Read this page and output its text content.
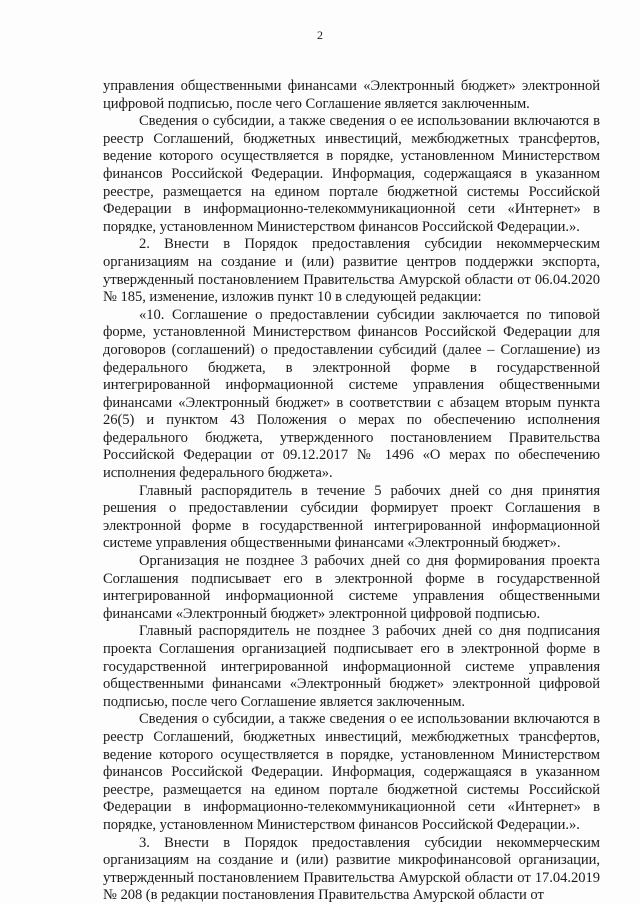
2

управления общественными финансами «Электронный бюджет» электронной цифровой подписью, после чего Соглашение является заключенным.

Сведения о субсидии, а также сведения о ее использовании включаются в реестр Соглашений, бюджетных инвестиций, межбюджетных трансфертов, ведение которого осуществляется в порядке, установленном Министерством финансов Российской Федерации. Информация, содержащаяся в указанном реестре, размещается на едином портале бюджетной системы Российской Федерации в информационно-телекоммуникационной сети «Интернет» в порядке, установленном Министерством финансов Российской Федерации.».

2. Внести в Порядок предоставления субсидии некоммерческим организациям на создание и (или) развитие центров поддержки экспорта, утвержденный постановлением Правительства Амурской области от 06.04.2020 № 185, изменение, изложив пункт 10 в следующей редакции:

«10. Соглашение о предоставлении субсидии заключается по типовой форме, установленной Министерством финансов Российской Федерации для договоров (соглашений) о предоставлении субсидий (далее – Соглашение) из федерального бюджета, в электронной форме в государственной интегрированной информационной системе управления общественными финансами «Электронный бюджет» в соответствии с абзацем вторым пункта 26(5) и пунктом 43 Положения о мерах по обеспечению исполнения федерального бюджета, утвержденного постановлением Правительства Российской Федерации от 09.12.2017 № 1496 «О мерах по обеспечению исполнения федерального бюджета».

Главный распорядитель в течение 5 рабочих дней со дня принятия решения о предоставлении субсидии формирует проект Соглашения в электронной форме в государственной интегрированной информационной системе управления общественными финансами «Электронный бюджет».

Организация не позднее 3 рабочих дней со дня формирования проекта Соглашения подписывает его в электронной форме в государственной интегрированной информационной системе управления общественными финансами «Электронный бюджет» электронной цифровой подписью.

Главный распорядитель не позднее 3 рабочих дней со дня подписания проекта Соглашения организацией подписывает его в электронной форме в государственной интегрированной информационной системе управления общественными финансами «Электронный бюджет» электронной цифровой подписью, после чего Соглашение является заключенным.

Сведения о субсидии, а также сведения о ее использовании включаются в реестр Соглашений, бюджетных инвестиций, межбюджетных трансфертов, ведение которого осуществляется в порядке, установленном Министерством финансов Российской Федерации. Информация, содержащаяся в указанном реестре, размещается на едином портале бюджетной системы Российской Федерации в информационно-телекоммуникационной сети «Интернет» в порядке, установленном Министерством финансов Российской Федерации.».

3. Внести в Порядок предоставления субсидии некоммерческим организациям на создание и (или) развитие микрофинансовой организации, утвержденный постановлением Правительства Амурской области от 17.04.2019 № 208 (в редакции постановления Правительства Амурской области от
